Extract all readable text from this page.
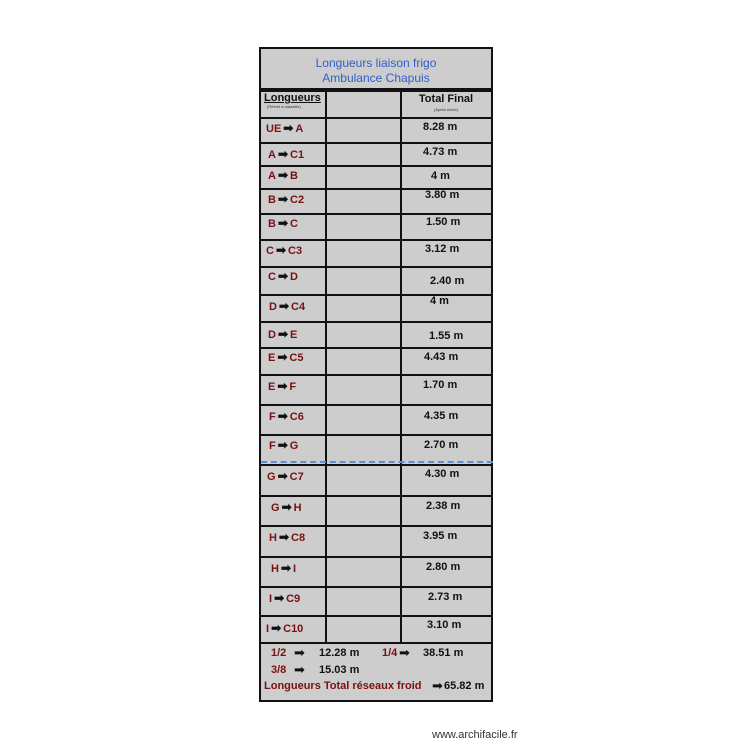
Longueurs liaison frigo
Ambulance Chapuis
Longueurs
(Refnet à cassette)
Total Final
(Après chute)
UE ➡ A	8.28 m
A ➡ C1	4.73 m
A ➡ B	4 m
B ➡ C2	3.80 m
B ➡ C	1.50 m
C ➡ C3	3.12 m
C ➡ D	2.40 m
D ➡ C4	4 m
D ➡ E	1.55 m
E ➡ C5	4.43 m
E ➡ F	1.70 m
F ➡ C6	4.35 m
F ➡ G	2.70 m
G ➡ C7	4.30 m
G ➡ H	2.38 m
H ➡ C8	3.95 m
H ➡ I	2.80 m
I ➡ C9	2.73 m
I ➡ C10	3.10 m
1/2 ➡ 12.28 m 1/4 ➡ 38.51 m
3/8 ➡ 15.03 m
Longueurs Total réseaux froid ➡ 65.82 m
www.archifacile.fr
